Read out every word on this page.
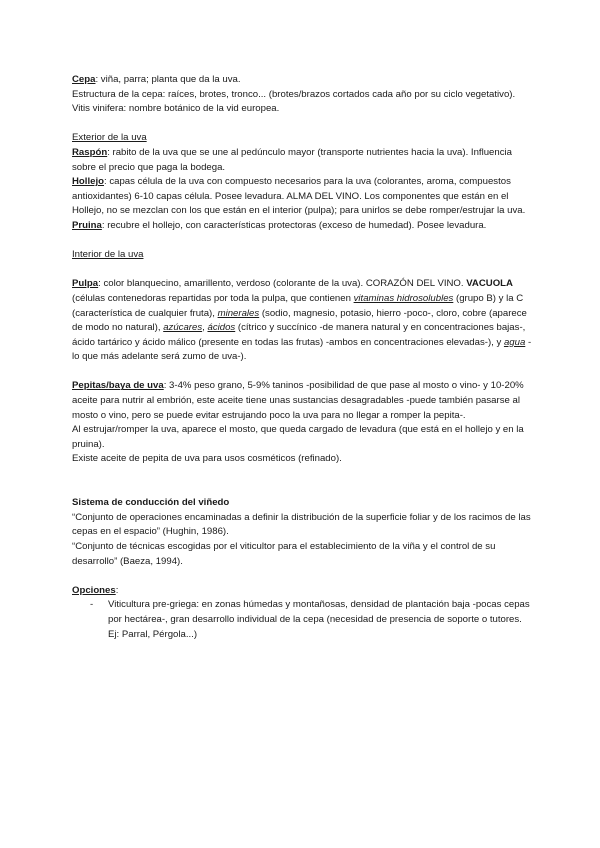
Cepa: viña, parra; planta que da la uva.

Estructura de la cepa: raíces, brotes, tronco... (brotes/brazos cortados cada año por su ciclo vegetativo).

Vitis vinifera: nombre botánico de la vid europea.

Exterior de la uva

Raspón: rabito de la uva que se une al pedúnculo mayor (transporte nutrientes hacia la uva). Influencia sobre el precio que paga la bodega.

Hollejo: capas célula de la uva con compuesto necesarios para la uva (colorantes, aroma, compuestos antioxidantes) 6-10 capas célula. Posee levadura. ALMA DEL VINO. Los componentes que están en el Hollejo, no se mezclan con los que están en el interior (pulpa); para unirlos se debe romper/estrujar la uva.

Pruina: recubre el hollejo, con características protectoras (exceso de humedad). Posee levadura.

Interior de la uva

Pulpa: color blanquecino, amarillento, verdoso (colorante de la uva). CORAZÓN DEL VINO. VACUOLA (células contenedoras repartidas por toda la pulpa, que contienen vitaminas hidrosolubles (grupo B) y la C (característica de cualquier fruta), minerales (sodio, magnesio, potasio, hierro -poco-, cloro, cobre (aparece de modo no natural), azúcares, ácidos (cítrico y succínico -de manera natural y en concentraciones bajas-, ácido tartárico y ácido málico (presente en todas las frutas) -ambos en concentraciones elevadas-), y agua -lo que más adelante será zumo de uva-).

Pepitas/baya de uva: 3-4% peso grano, 5-9% taninos -posibilidad de que pase al mosto o vino- y 10-20% aceite para nutrir al embrión, este aceite tiene unas sustancias desagradables -puede también pasarse al mosto o vino, pero se puede evitar estrujando poco la uva para no llegar a romper la pepita-.

Al estrujar/romper la uva, aparece el mosto, que queda cargado de levadura (que está en el hollejo y en la pruina).

Existe aceite de pepita de uva para usos cosméticos (refinado).

Sistema de conducción del viñedo

“Conjunto de operaciones encaminadas a definir la distribución de la superficie foliar y de los racimos de las cepas en el espacio” (Hughin, 1986).

“Conjunto de técnicas escogidas por el viticultor para el establecimiento de la viña y el control de su desarrollo” (Baeza, 1994).

Opciones:

- Viticultura pre-griega: en zonas húmedas y montañosas, densidad de plantación baja -pocas cepas por hectárea-, gran desarrollo individual de la cepa (necesidad de presencia de soporte o tutores. Ej: Parral, Pérgola...)
